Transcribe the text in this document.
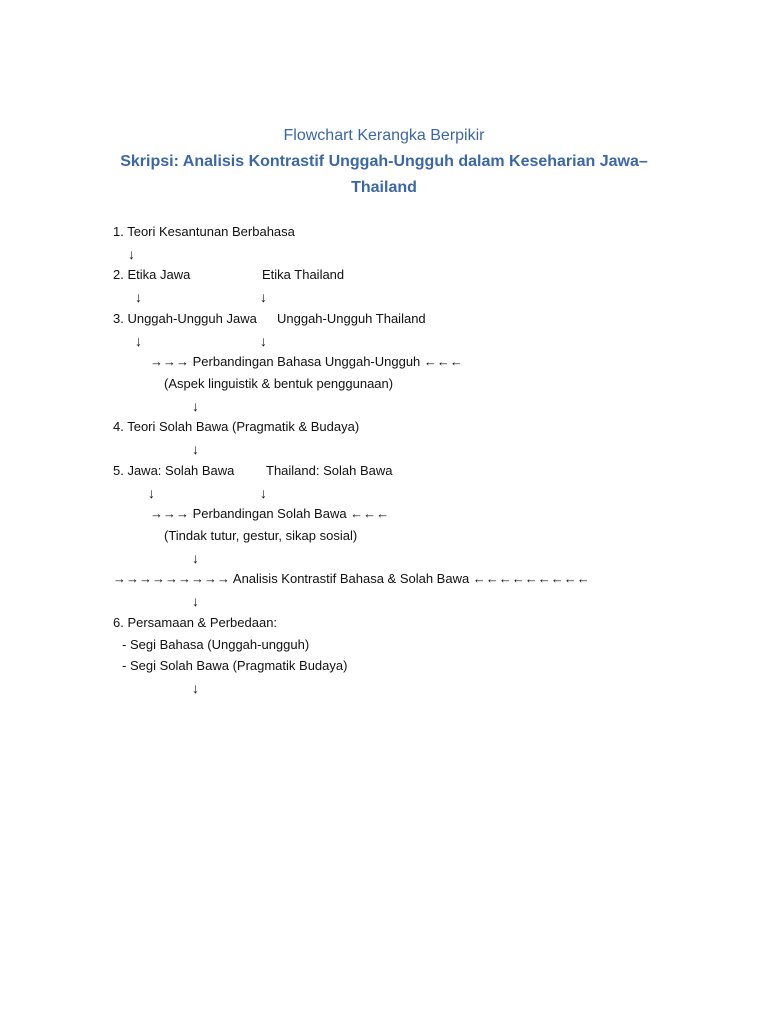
Flowchart Kerangka Berpikir
Skripsi: Analisis Kontrastif Unggah-Ungguh dalam Keseharian Jawa–
Thailand
1. Teori Kesantunan Berbahasa
↓
2. Etika Jawa	Etika Thailand
↓	↓
3. Unggah-Ungguh Jawa Unggah-Ungguh Thailand
↓	↓
→→→ Perbandingan Bahasa Unggah-Ungguh ←←←
(Aspek linguistik & bentuk penggunaan)
↓
4. Teori Solah Bawa (Pragmatik & Budaya)
↓
5. Jawa: Solah Bawa Thailand: Solah Bawa
↓	↓
→→→ Perbandingan Solah Bawa ←←←
(Tindak tutur, gestur, sikap sosial)
↓
→→→→→→→→→ Analisis Kontrastif Bahasa & Solah Bawa ←←←←←←←←←
↓
6. Persamaan & Perbedaan:
- Segi Bahasa (Unggah-ungguh)
- Segi Solah Bawa (Pragmatik Budaya)
↓
